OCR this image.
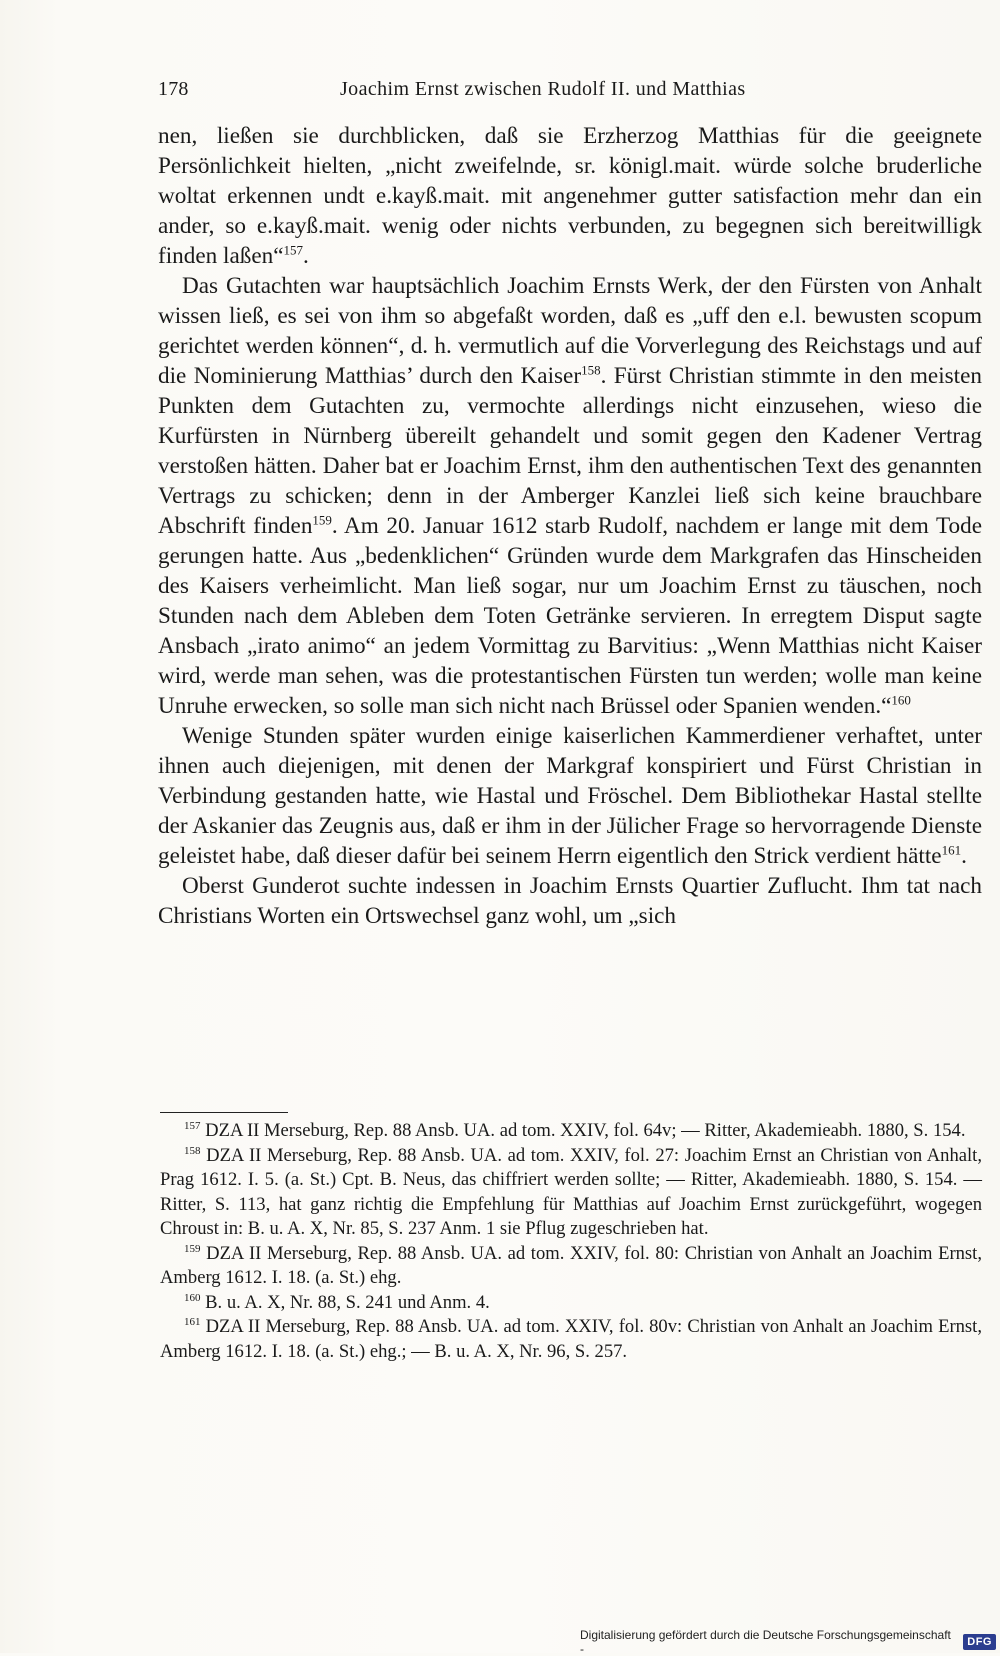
178	Joachim Ernst zwischen Rudolf II. und Matthias

nen, ließen sie durchblicken, daß sie Erzherzog Matthias für die geeignete Persönlichkeit hielten, „nicht zweifelnde, sr. königl.mait. würde solche bruderliche woltat erkennen undt e.kayß.mait. mit angenehmer gutter satisfaction mehr dan ein ander, so e.kayß.mait. wenig oder nichts verbunden, zu begegnen sich bereitwilligk finden laßen“$^{157}$.

Das Gutachten war hauptsächlich Joachim Ernsts Werk, der den Fürsten von Anhalt wissen ließ, es sei von ihm so abgefaßt worden, daß es „uff den e.l. bewusten scopum gerichtet werden können“, d. h. vermutlich auf die Vorverlegung des Reichstags und auf die Nominierung Matthias’ durch den Kaiser$^{158}$. Fürst Christian stimmte in den meisten Punkten dem Gutachten zu, vermochte allerdings nicht einzusehen, wieso die Kurfürsten in Nürnberg übereilt gehandelt und somit gegen den Kadener Vertrag verstoßen hätten. Daher bat er Joachim Ernst, ihm den authentischen Text des genannten Vertrags zu schicken; denn in der Amberger Kanzlei ließ sich keine brauchbare Abschrift finden$^{159}$. Am 20. Januar 1612 starb Rudolf, nachdem er lange mit dem Tode gerungen hatte. Aus „bedenklichen“ Gründen wurde dem Markgrafen das Hinscheiden des Kaisers verheimlicht. Man ließ sogar, nur um Joachim Ernst zu täuschen, noch Stunden nach dem Ableben dem Toten Getränke servieren. In erregtem Disput sagte Ansbach „irato animo“ an jedem Vormittag zu Barvitius: „Wenn Matthias nicht Kaiser wird, werde man sehen, was die protestantischen Fürsten tun werden; wolle man keine Unruhe erwecken, so solle man sich nicht nach Brüssel oder Spanien wenden.“$^{160}$

Wenige Stunden später wurden einige kaiserlichen Kammerdiener verhaftet, unter ihnen auch diejenigen, mit denen der Markgraf konspiriert und Fürst Christian in Verbindung gestanden hatte, wie Hastal und Fröschel. Dem Bibliothekar Hastal stellte der Askanier das Zeugnis aus, daß er ihm in der Jülicher Frage so hervorragende Dienste geleistet habe, daß dieser dafür bei seinem Herrn eigentlich den Strick verdient hätte$^{161}$.

Oberst Gunderot suchte indessen in Joachim Ernsts Quartier Zuflucht. Ihm tat nach Christians Worten ein Ortswechsel ganz wohl, um „sich

$^{157}$ DZA II Merseburg, Rep. 88 Ansb. UA. ad tom. XXIV, fol. 64v; — Ritter, Akademieabh. 1880, S. 154.

$^{158}$ DZA II Merseburg, Rep. 88 Ansb. UA. ad tom. XXIV, fol. 27: Joachim Ernst an Christian von Anhalt, Prag 1612. I. 5. (a. St.) Cpt. B. Neus, das chiffriert werden sollte; — Ritter, Akademieabh. 1880, S. 154. — Ritter, S. 113, hat ganz richtig die Empfehlung für Matthias auf Joachim Ernst zurückgeführt, wogegen Chroust in: B. u. A. X, Nr. 85, S. 237 Anm. 1 sie Pflug zugeschrieben hat.

$^{159}$ DZA II Merseburg, Rep. 88 Ansb. UA. ad tom. XXIV, fol. 80: Christian von Anhalt an Joachim Ernst, Amberg 1612. I. 18. (a. St.) ehg.

$^{160}$ B. u. A. X, Nr. 88, S. 241 und Anm. 4.

$^{161}$ DZA II Merseburg, Rep. 88 Ansb. UA. ad tom. XXIV, fol. 80v: Christian von Anhalt an Joachim Ernst, Amberg 1612. I. 18. (a. St.) ehg.; — B. u. A. X, Nr. 96, S. 257.

Digitalisierung gefördert durch die Deutsche Forschungsgemeinschaft -	DFG
